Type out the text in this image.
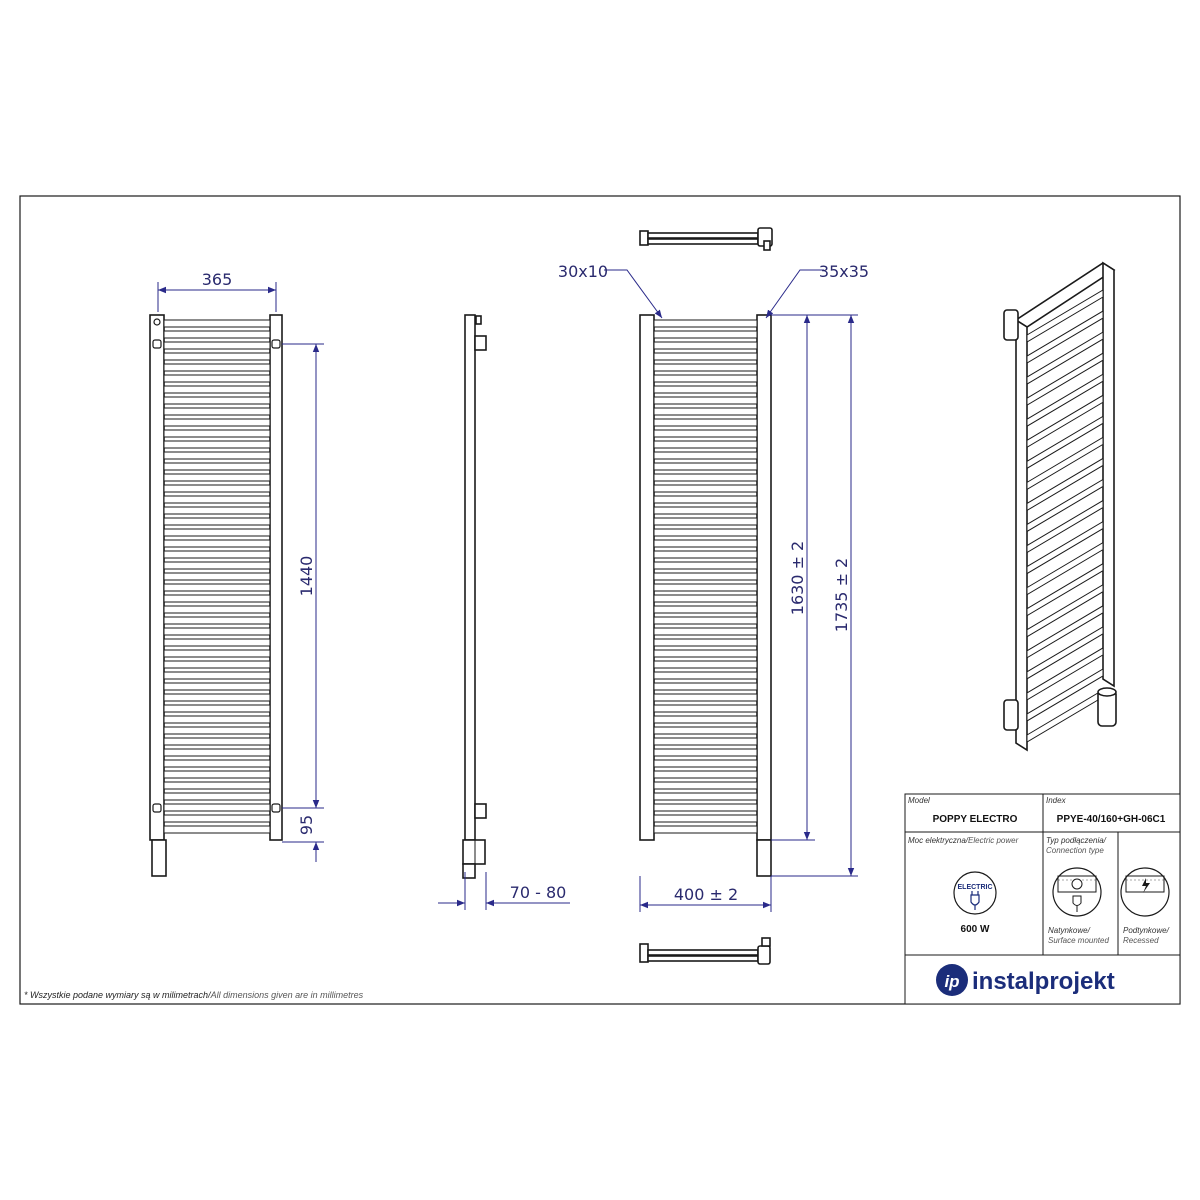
365
1440
95
70 - 80
30x10	35x35
1630 ± 2 1735 ± 2
400 ± 2
Model
POPPY ELECTRO
Index
PPYE-40/160+GH-06C1
Moc elektryczna/Electric power
ELECTRIC
600 W
Typ podłączenia/
Connection type
Natynkowe/
Surface mounted
Podtynkowe/
Recessed
ip instalprojekt
* Wszystkie podane wymiary są w milimetrach/All dimensions given are in millimetres
